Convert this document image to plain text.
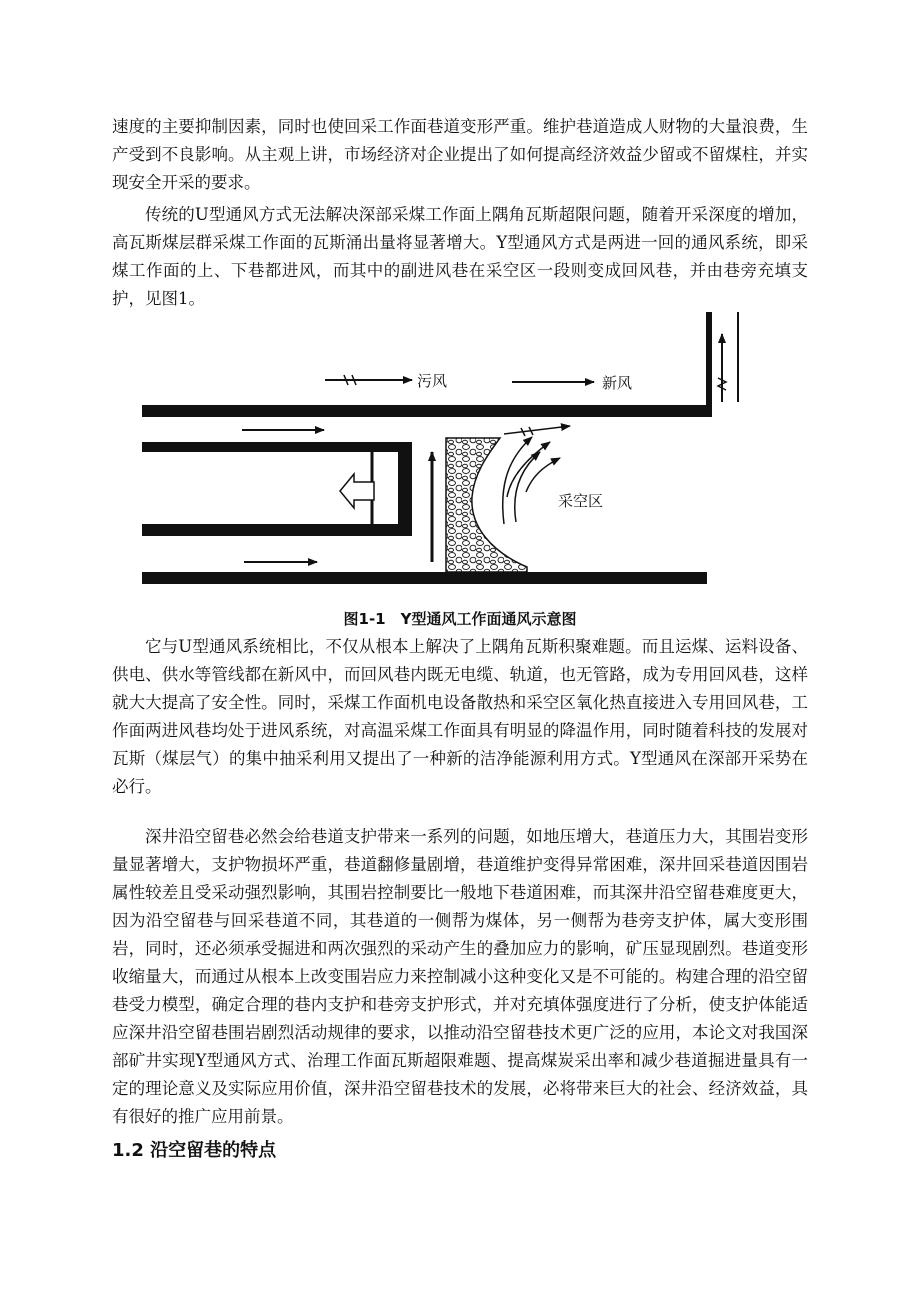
速度的主要抑制因素，同时也使回采工作面巷道变形严重。维护巷道造成人财物的大量浪费，生产受到不良影响。从主观上讲，市场经济对企业提出了如何提高经济效益少留或不留煤柱，并实现安全开采的要求。

传统的U型通风方式无法解决深部采煤工作面上隅角瓦斯超限问题，随着开采深度的增加，高瓦斯煤层群采煤工作面的瓦斯涌出量将显著增大。Y型通风方式是两进一回的通风系统，即采煤工作面的上、下巷都进风，而其中的副进风巷在采空区一段则变成回风巷，并由巷旁充填支护，见图1。

污风	新风
采空区
图1-1　Y型通风工作面通风示意图

它与U型通风系统相比，不仅从根本上解决了上隅角瓦斯积聚难题。而且运煤、运料设备、供电、供水等管线都在新风中，而回风巷内既无电缆、轨道，也无管路，成为专用回风巷，这样就大大提高了安全性。同时，采煤工作面机电设备散热和采空区氧化热直接进入专用回风巷，工作面两进风巷均处于进风系统，对高温采煤工作面具有明显的降温作用，同时随着科技的发展对瓦斯（煤层气）的集中抽采利用又提出了一种新的洁净能源利用方式。Y型通风在深部开采势在必行。

深井沿空留巷必然会给巷道支护带来一系列的问题，如地压增大，巷道压力大，其围岩变形量显著增大，支护物损坏严重，巷道翻修量剧增，巷道维护变得异常困难，深井回采巷道因围岩属性较差且受采动强烈影响，其围岩控制要比一般地下巷道困难，而其深井沿空留巷难度更大，因为沿空留巷与回采巷道不同，其巷道的一侧帮为煤体，另一侧帮为巷旁支护体，属大变形围岩，同时，还必须承受掘进和两次强烈的采动产生的叠加应力的影响，矿压显现剧烈。巷道变形收缩量大，而通过从根本上改变围岩应力来控制减小这种变化又是不可能的。构建合理的沿空留巷受力模型，确定合理的巷内支护和巷旁支护形式，并对充填体强度进行了分析，使支护体能适应深井沿空留巷围岩剧烈活动规律的要求，以推动沿空留巷技术更广泛的应用，本论文对我国深部矿井实现Y型通风方式、治理工作面瓦斯超限难题、提高煤炭采出率和减少巷道掘进量具有一定的理论意义及实际应用价值，深井沿空留巷技术的发展，必将带来巨大的社会、经济效益，具有很好的推广应用前景。

1.2 沿空留巷的特点
